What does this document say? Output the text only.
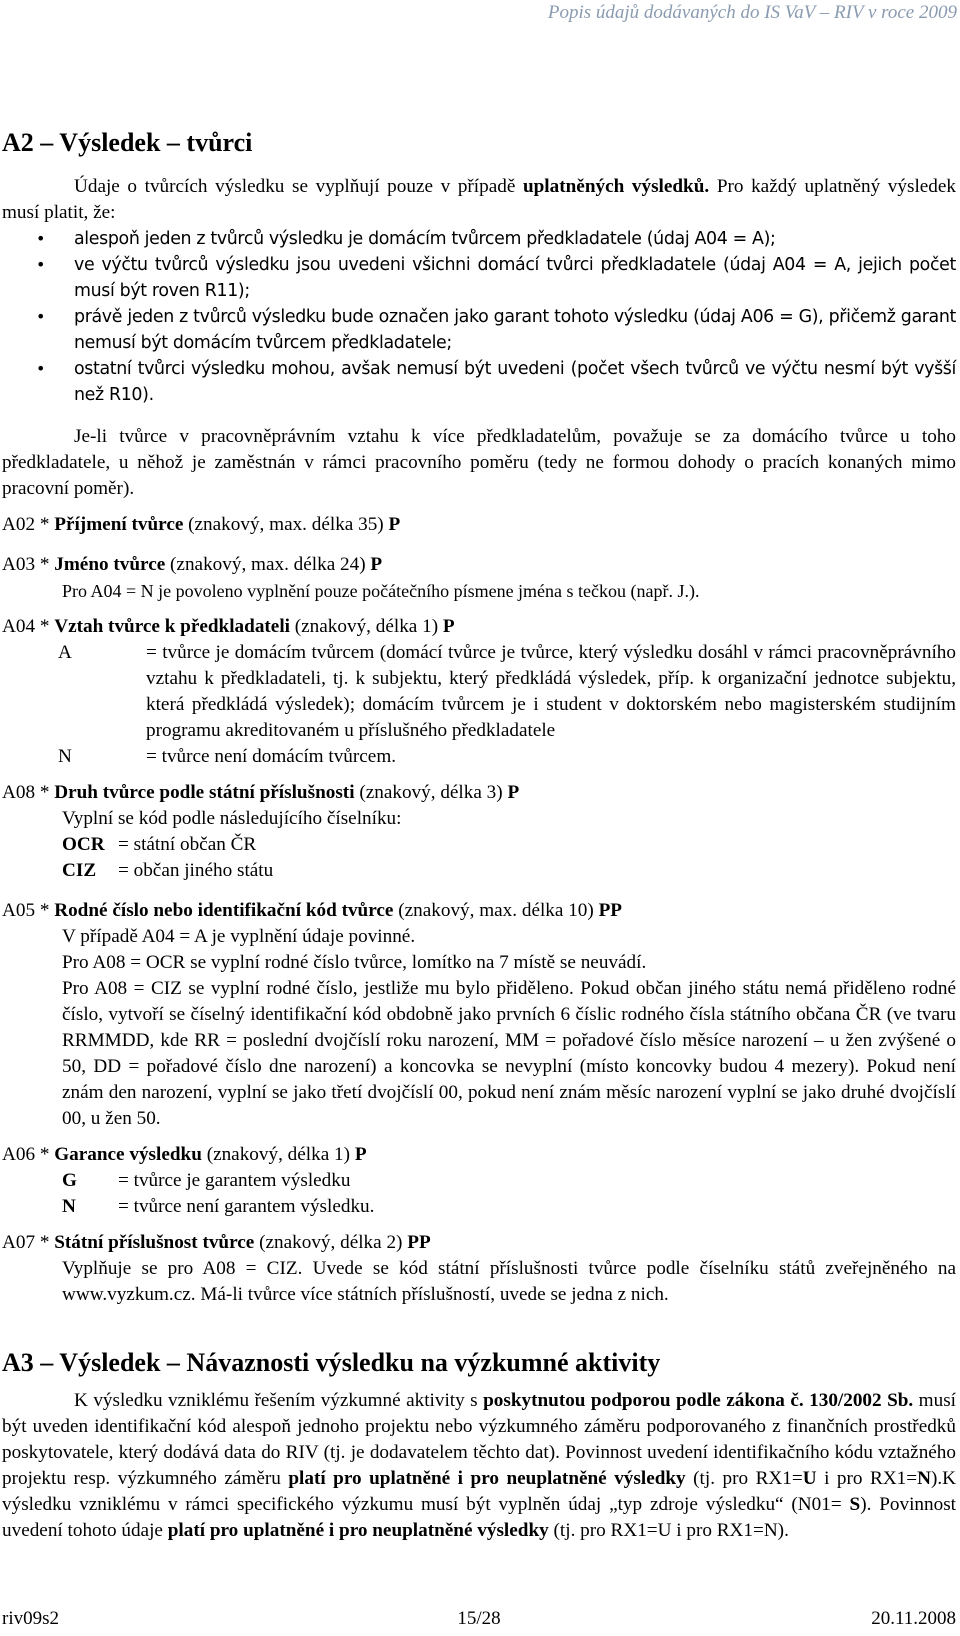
Popis údajů dodávaných do IS VaV – RIV v roce 2009
A2 – Výsledek – tvůrci

Údaje o tvůrcích výsledku se vyplňují pouze v případě uplatněných výsledků. Pro každý uplatněný výsledek musí platit, že:

• alespoň jeden z tvůrců výsledku je domácím tvůrcem předkladatele (údaj A04 = A);
• ve výčtu tvůrců výsledku jsou uvedeni všichni domácí tvůrci předkladatele (údaj A04 = A, jejich počet musí být roven R11);
• právě jeden z tvůrců výsledku bude označen jako garant tohoto výsledku (údaj A06 = G), přičemž garant nemusí být domácím tvůrcem předkladatele;
• ostatní tvůrci výsledku mohou, avšak nemusí být uvedeni (počet všech tvůrců ve výčtu nesmí být vyšší než R10).

Je-li tvůrce v pracovněprávním vztahu k více předkladatelům, považuje se za domácího tvůrce u toho předkladatele, u něhož je zaměstnán v rámci pracovního poměru (tedy ne formou dohody o pracích konaných mimo pracovní poměr).

A02 * Příjmení tvůrce (znakový, max. délka 35) P
A03 * Jméno tvůrce (znakový, max. délka 24) P
Pro A04 = N je povoleno vyplnění pouze počátečního písmene jména s tečkou (např. J.).
A04 * Vztah tvůrce k předkladateli (znakový, délka 1) P
A	= tvůrce je domácím tvůrcem (domácí tvůrce je tvůrce, který výsledku dosáhl v rámci pracovněprávního vztahu k předkladateli, tj. k subjektu, který předkládá výsledek, příp. k organizační jednotce subjektu, která předkládá výsledek); domácím tvůrcem je i student v doktorském nebo magisterském studijním programu akreditovaném u příslušného předkladatele
N	= tvůrce není domácím tvůrcem.
A08 * Druh tvůrce podle státní příslušnosti (znakový, délka 3) P
Vyplní se kód podle následujícího číselníku:
OCR = státní občan ČR
CIZ	= občan jiného státu
A05 * Rodné číslo nebo identifikační kód tvůrce (znakový, max. délka 10) PP

V případě A04 = A je vyplnění údaje povinné.

Pro A08 = OCR se vyplní rodné číslo tvůrce, lomítko na 7 místě se neuvádí.

Pro A08 = CIZ se vyplní rodné číslo, jestliže mu bylo přiděleno. Pokud občan jiného státu nemá přiděleno rodné číslo, vytvoří se číselný identifikační kód obdobně jako prvních 6 číslic rodného čísla státního občana ČR (ve tvaru RRMMDD, kde RR = poslední dvojčíslí roku narození, MM = pořadové číslo měsíce narození – u žen zvýšené o 50, DD = pořadové číslo dne narození) a koncovka se nevyplní (místo koncovky budou 4 mezery). Pokud není znám den narození, vyplní se jako třetí dvojčíslí 00, pokud není znám měsíc narození vyplní se jako druhé dvojčíslí 00, u žen 50.

A06 * Garance výsledku (znakový, délka 1) P
G	= tvůrce je garantem výsledku
N	= tvůrce není garantem výsledku.
A07 * Státní příslušnost tvůrce (znakový, délka 2) PP

Vyplňuje se pro A08 = CIZ. Uvede se kód státní příslušnosti tvůrce podle číselníku států zveřejněného na www.vyzkum.cz. Má-li tvůrce více státních příslušností, uvede se jedna z nich.

A3 – Výsledek – Návaznosti výsledku na výzkumné aktivity

K výsledku vzniklému řešením výzkumné aktivity s poskytnutou podporou podle zákona č. 130/2002 Sb. musí být uveden identifikační kód alespoň jednoho projektu nebo výzkumného záměru podporovaného z finančních prostředků poskytovatele, který dodává data do RIV (tj. je dodavatelem těchto dat). Povinnost uvedení identifikačního kódu vztažného projektu resp. výzkumného záměru platí pro uplatněné i pro neuplatněné výsledky (tj. pro RX1=U i pro RX1=N).K výsledku vzniklému v rámci specifického výzkumu musí být vyplněn údaj „typ zdroje výsledku“ (N01= S). Povinnost uvedení tohoto údaje platí pro uplatněné i pro neuplatněné výsledky (tj. pro RX1=U i pro RX1=N).

riv09s2	15/28	20.11.2008
